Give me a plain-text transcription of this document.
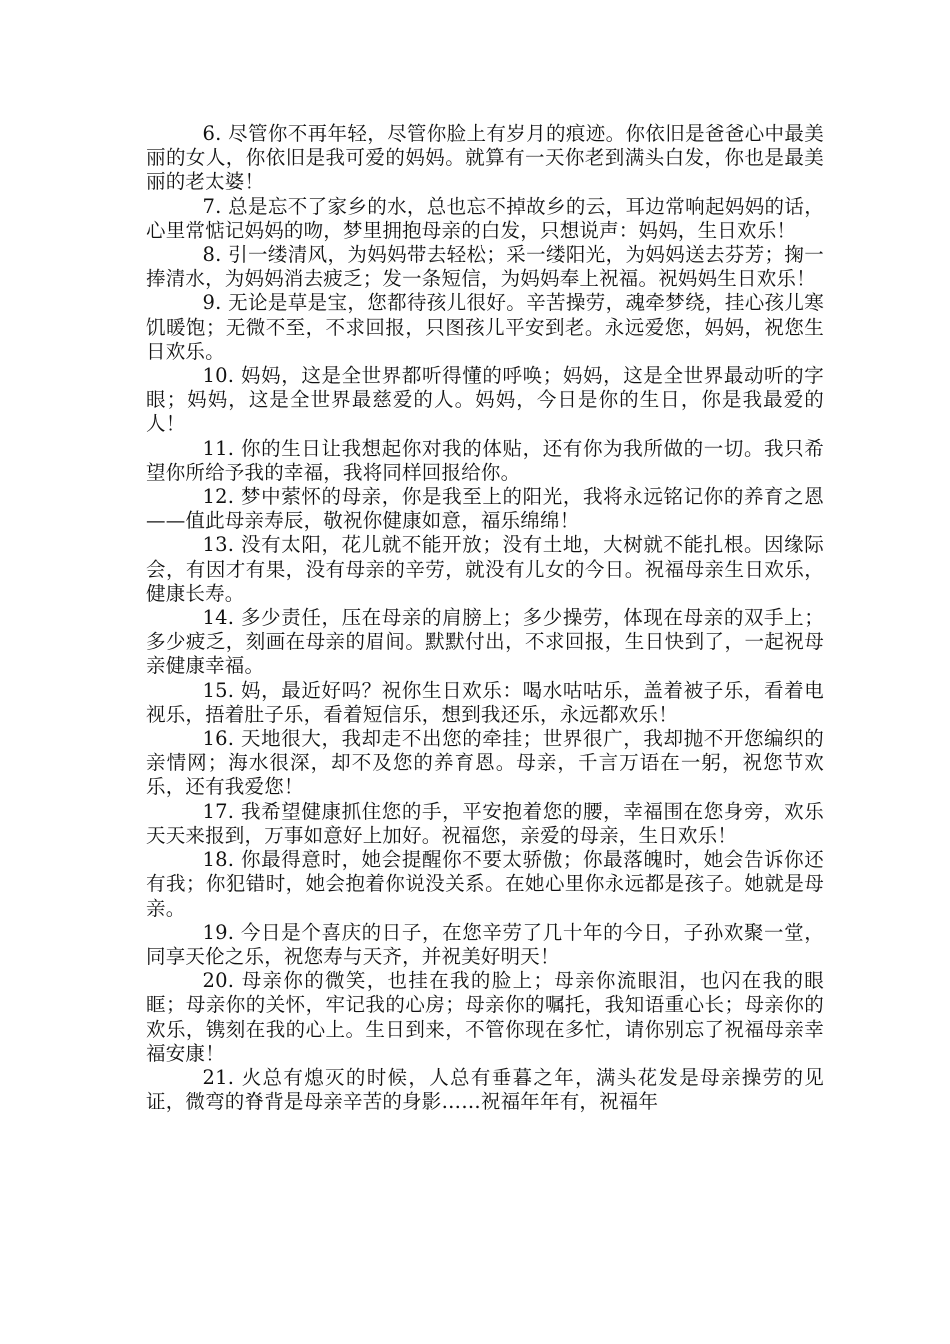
6. 尽管你不再年轻，尽管你脸上有岁月的痕迹。你依旧是爸爸心中最美丽的女人，你依旧是我可爱的妈妈。就算有一天你老到满头白发，你也是最美丽的老太婆！

7. 总是忘不了家乡的水，总也忘不掉故乡的云，耳边常响起妈妈的话，心里常惦记妈妈的吻，梦里拥抱母亲的白发，只想说声：妈妈，生日欢乐！

8. 引一缕清风，为妈妈带去轻松；采一缕阳光，为妈妈送去芬芳；掬一捧清水，为妈妈消去疲乏；发一条短信，为妈妈奉上祝福。祝妈妈生日欢乐！

9. 无论是草是宝，您都待孩儿很好。辛苦操劳，魂牵梦绕，挂心孩儿寒饥暖饱；无微不至，不求回报，只图孩儿平安到老。永远爱您，妈妈，祝您生日欢乐。

10. 妈妈，这是全世界都听得懂的呼唤；妈妈，这是全世界最动听的字眼；妈妈，这是全世界最慈爱的人。妈妈，今日是你的生日，你是我最爱的人！

11. 你的生日让我想起你对我的体贴，还有你为我所做的一切。我只希望你所给予我的幸福，我将同样回报给你。

12. 梦中萦怀的母亲，你是我至上的阳光，我将永远铭记你的养育之恩——值此母亲寿辰，敬祝你健康如意，福乐绵绵！

13. 没有太阳，花儿就不能开放；没有土地，大树就不能扎根。因缘际会，有因才有果，没有母亲的辛劳，就没有儿女的今日。祝福母亲生日欢乐，健康长寿。

14. 多少责任，压在母亲的肩膀上；多少操劳，体现在母亲的双手上；多少疲乏，刻画在母亲的眉间。默默付出，不求回报，生日快到了，一起祝母亲健康幸福。

15. 妈，最近好吗？祝你生日欢乐：喝水咕咕乐，盖着被子乐，看着电视乐，捂着肚子乐，看着短信乐，想到我还乐，永远都欢乐！

16. 天地很大，我却走不出您的牵挂；世界很广，我却抛不开您编织的亲情网；海水很深，却不及您的养育恩。母亲，千言万语在一躬，祝您节欢乐，还有我爱您！

17. 我希望健康抓住您的手，平安抱着您的腰，幸福围在您身旁，欢乐天天来报到，万事如意好上加好。祝福您，亲爱的母亲，生日欢乐！

18. 你最得意时，她会提醒你不要太骄傲；你最落魄时，她会告诉你还有我；你犯错时，她会抱着你说没关系。在她心里你永远都是孩子。她就是母亲。

19. 今日是个喜庆的日子，在您辛劳了几十年的今日，子孙欢聚一堂，同享天伦之乐，祝您寿与天齐，并祝美好明天！

20. 母亲你的微笑，也挂在我的脸上；母亲你流眼泪，也闪在我的眼眶；母亲你的关怀，牢记我的心房；母亲你的嘱托，我知语重心长；母亲你的欢乐，镌刻在我的心上。生日到来，不管你现在多忙，请你别忘了祝福母亲幸福安康！

21. 火总有熄灭的时候，人总有垂暮之年，满头花发是母亲操劳的见证，微弯的脊背是母亲辛苦的身影……祝福年年有，祝福年
